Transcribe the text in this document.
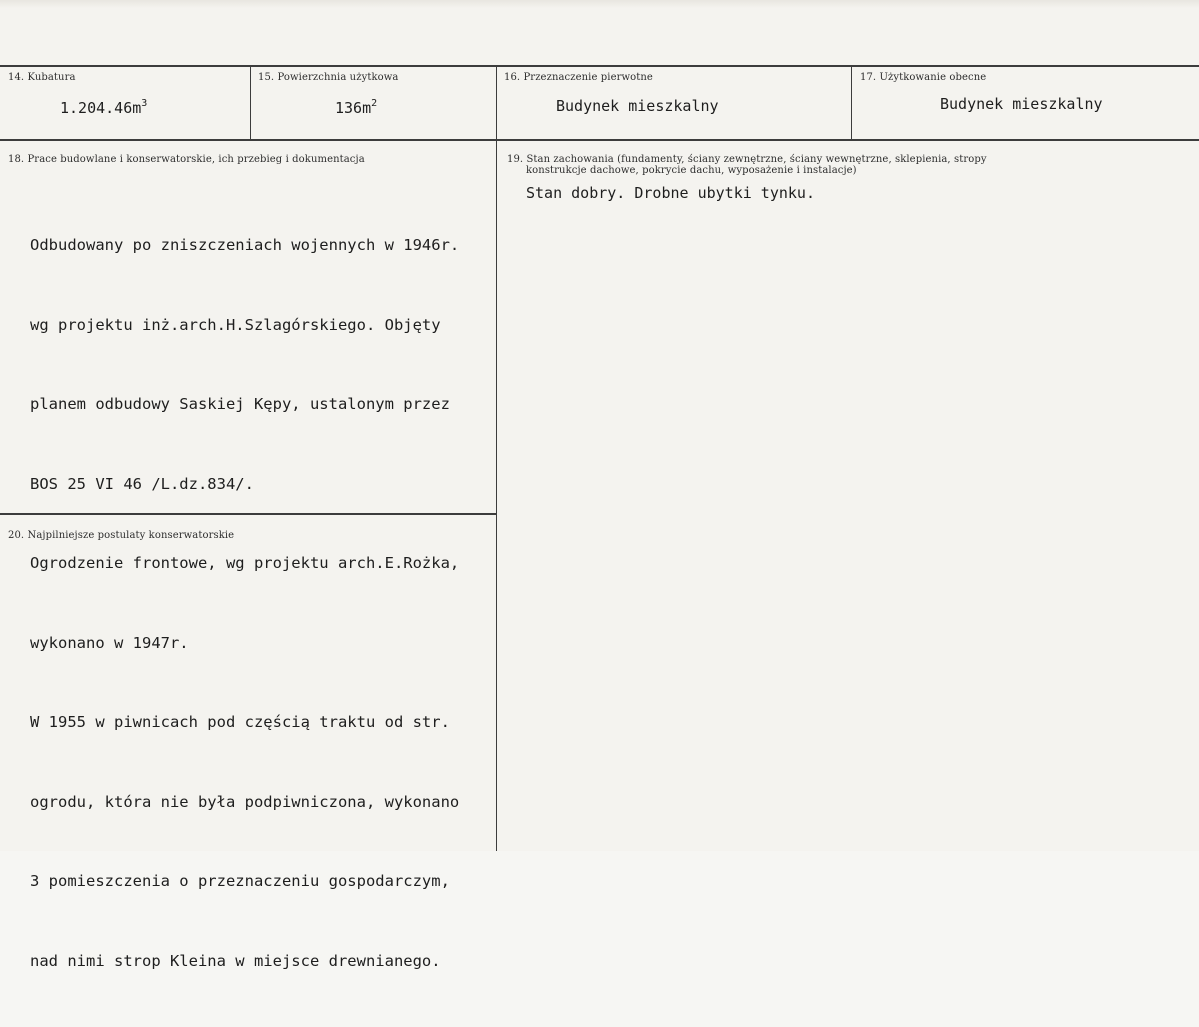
14. Kubatura
$1.204.46m^3$
15. Powierzchnia użytkowa
$136m^2$
16. Przeznaczenie pierwotne
Budynek mieszkalny
17. Użytkowanie obecne
Budynek mieszkalny
18. Prace budowlane i konserwatorskie, ich przebieg i dokumentacja

Odbudowany po zniszczeniach wojennych w 1946r.

wg projektu inż.arch.H.Szlagórskiego. Objęty

planem odbudowy Saskiej Kępy, ustalonym przez

BOS 25 VI 46 /L.dz.834/.

Ogrodzenie frontowe, wg projektu arch.E.Rożka,

wykonano w 1947r.

W 1955 w piwnicach pod częścią traktu od str.

ogrodu, która nie była podpiwniczona, wykonano

3 pomieszczenia o przeznaczeniu gospodarczym,

nad nimi strop Kleina w miejsce drewnianego.

19. Stan zachowania (fundamenty, ściany zewnętrzne, ściany wewnętrzne, sklepienia, stropy
konstrukcje dachowe, pokrycie dachu, wyposażenie i instalacje)
Stan dobry. Drobne ubytki tynku.
20. Najpilniejsze postulaty konserwatorskie
